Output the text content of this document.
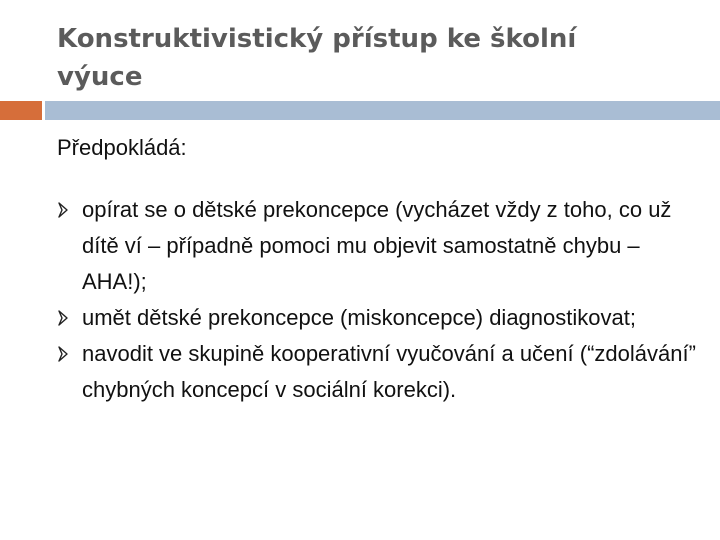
Konstruktivistický přístup ke školní výuce

Předpokládá:

opírat se o dětské prekoncepce (vycházet vždy z toho, co už dítě ví – případně pomoci mu objevit samostatně chybu – AHA!);
umět dětské prekoncepce (miskoncepce) diagnostikovat;
navodit ve skupině kooperativní vyučování a učení (“zdolávání” chybných koncepcí v sociální korekci).
